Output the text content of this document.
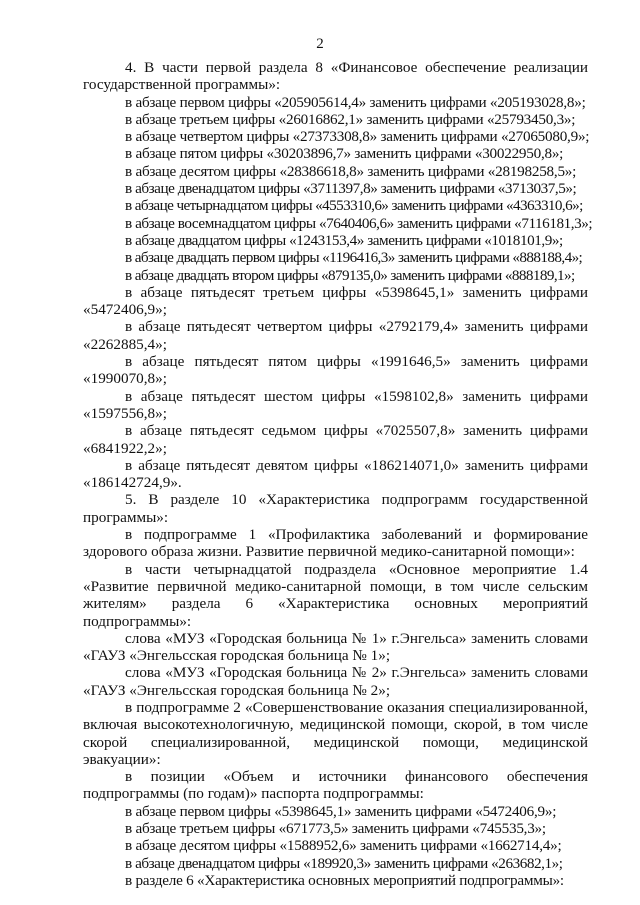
2

4. В части первой раздела 8 «Финансовое обеспечение реализации государственной программы»:

в абзаце первом цифры «205905614,4» заменить цифрами «205193028,8»;

в абзаце третьем цифры «26016862,1» заменить цифрами «25793450,3»;

в абзаце четвертом цифры «27373308,8» заменить цифрами «27065080,9»;

в абзаце пятом цифры «30203896,7» заменить цифрами «30022950,8»;

в абзаце десятом цифры «28386618,8» заменить цифрами «28198258,5»;

в абзаце двенадцатом цифры «3711397,8» заменить цифрами «3713037,5»;

в абзаце четырнадцатом цифры «4553310,6» заменить цифрами «4363310,6»;

в абзаце восемнадцатом цифры «7640406,6» заменить цифрами «7116181,3»;

в абзаце двадцатом цифры «1243153,4» заменить цифрами «1018101,9»;

в абзаце двадцать первом цифры «1196416,3» заменить цифрами «888188,4»;

в абзаце двадцать втором цифры «879135,0» заменить цифрами «888189,1»;

в абзаце пятьдесят третьем цифры «5398645,1» заменить цифрами «5472406,9»;

в абзаце пятьдесят четвертом цифры «2792179,4» заменить цифрами «2262885,4»;

в абзаце пятьдесят пятом цифры «1991646,5» заменить цифрами «1990070,8»;

в абзаце пятьдесят шестом цифры «1598102,8» заменить цифрами «1597556,8»;

в абзаце пятьдесят седьмом цифры «7025507,8» заменить цифрами «6841922,2»;

в абзаце пятьдесят девятом цифры «186214071,0» заменить цифрами «186142724,9».

5. В разделе 10 «Характеристика подпрограмм государственной программы»:

в подпрограмме 1 «Профилактика заболеваний и формирование здорового образа жизни. Развитие первичной медико-санитарной помощи»:

в части четырнадцатой подраздела «Основное мероприятие 1.4 «Развитие первичной медико-санитарной помощи, в том числе сельским жителям» раздела 6 «Характеристика основных мероприятий подпрограммы»:

слова «МУЗ «Городская больница № 1» г.Энгельса» заменить словами «ГАУЗ «Энгельсская городская больница № 1»;

слова «МУЗ «Городская больница № 2» г.Энгельса» заменить словами «ГАУЗ «Энгельсская городская больница № 2»;

в подпрограмме 2 «Совершенствование оказания специализированной, включая высокотехнологичную, медицинской помощи, скорой, в том числе скорой специализированной, медицинской помощи, медицинской эвакуации»:

в позиции «Объем и источники финансового обеспечения подпрограммы (по годам)» паспорта подпрограммы:

в абзаце первом цифры «5398645,1» заменить цифрами «5472406,9»;

в абзаце третьем цифры «671773,5» заменить цифрами «745535,3»;

в абзаце десятом цифры «1588952,6» заменить цифрами «1662714,4»;

в абзаце двенадцатом цифры «189920,3» заменить цифрами «263682,1»;

в разделе 6 «Характеристика основных мероприятий подпрограммы»:
